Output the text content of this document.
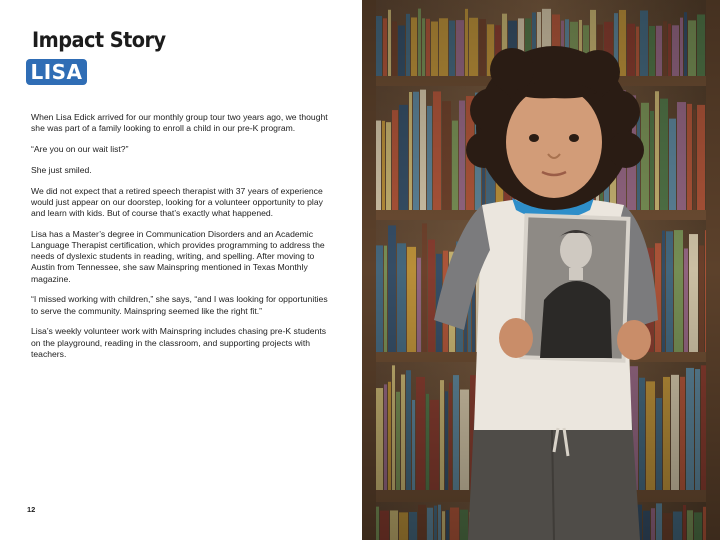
Impact Story
LISA

When Lisa Edick arrived for our monthly group tour two years ago, we thought she was part of a family looking to enroll a child in our pre-K program.

“Are you on our wait list?”

She just smiled.

We did not expect that a retired speech therapist with 37 years of experience would just appear on our doorstep, looking for a volunteer opportunity to play and learn with kids. But of course that’s exactly what happened.

Lisa has a Master’s degree in Communication Disorders and an Academic Language Therapist certification, which provides programming to address the needs of dyslexic students in reading, writing, and spelling. After moving to Austin from Tennessee, she saw Mainspring mentioned in Texas Monthly magazine.

“I missed working with children,” she says, “and I was looking for opportunities to serve the community. Mainspring seemed like the right fit.”

Lisa’s weekly volunteer work with Mainspring includes chasing pre-K students on the playground, reading in the classroom, and supporting projects with teachers.

12
